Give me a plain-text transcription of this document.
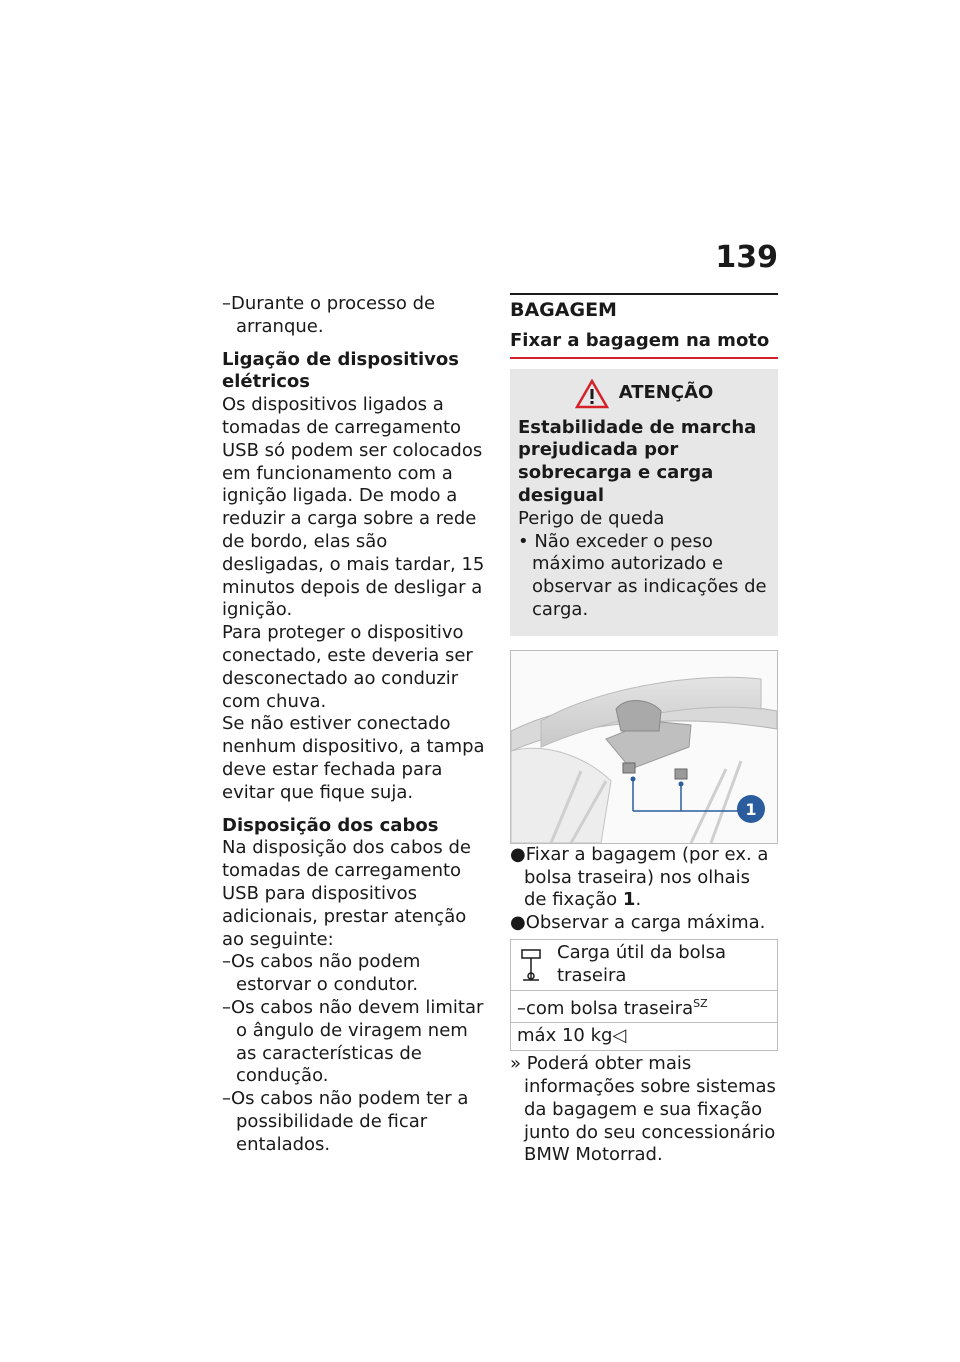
139

–Durante o processo de arranque.

Ligação de dispositivos elétricos

Os dispositivos ligados a tomadas de carregamento USB só podem ser colocados em funcionamento com a ignição ligada. De modo a reduzir a carga sobre a rede de bordo, elas são desligadas, o mais tardar, 15 minutos depois de desligar a ignição.

Para proteger o dispositivo conectado, este deveria ser desconectado ao conduzir com chuva.

Se não estiver conectado nenhum dispositivo, a tampa deve estar fechada para evitar que fique suja.

Disposição dos cabos

Na disposição dos cabos de tomadas de carregamento USB para dispositivos adicionais, prestar atenção ao seguinte:

–Os cabos não podem estorvar o condutor.

–Os cabos não devem limitar o ângulo de viragem nem as características de condução.

–Os cabos não podem ter a possibilidade de ficar entalados.

BAGAGEM
Fixar a bagagem na moto
ATENÇÃO

Estabilidade de marcha prejudicada por sobrecarga e carga desigual

Perigo de queda

• Não exceder o peso máximo autorizado e observar as indicações de carga.

1

●Fixar a bagagem (por ex. a bolsa traseira) nos olhais de fixação 1.

●Observar a carga máxima.

Carga útil da bolsa traseira
–com bolsa traseira$^{SZ}$
máx 10 kg◁

» Poderá obter mais informações sobre sistemas da bagagem e sua fixação junto do seu concessionário BMW Motorrad.
